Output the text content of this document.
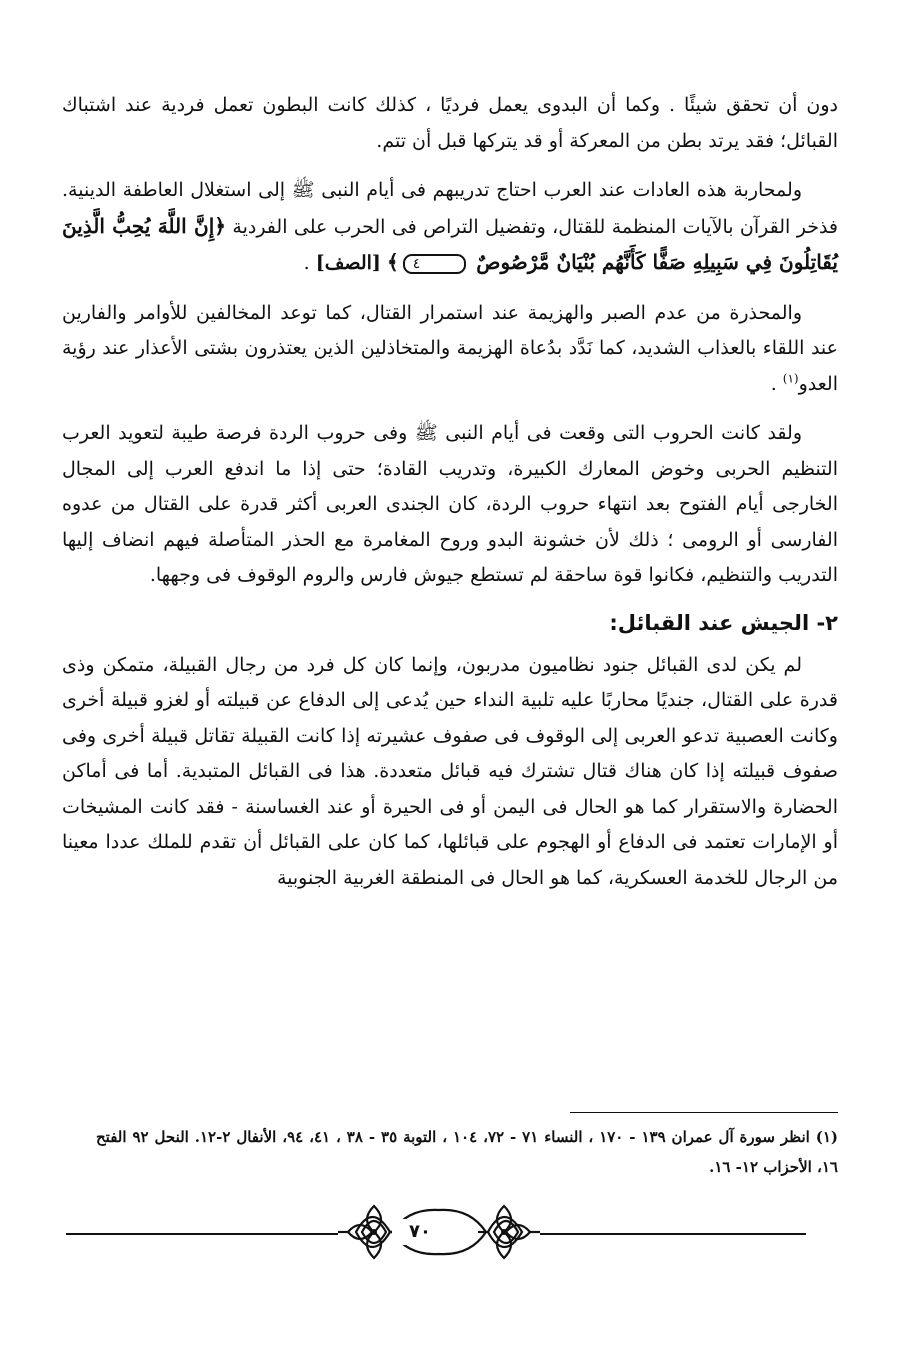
دون أن تحقق شيئًا . وكما أن البدوى يعمل فرديًا ، كذلك كانت البطون تعمل فردية عند اشتباك القبائل؛ فقد يرتد بطن من المعركة أو قد يتركها قبل أن تتم.

ولمحاربة هذه العادات عند العرب احتاج تدريبهم فى أيام النبى ﷺ إلى استغلال العاطفة الدينية. فذخر القرآن بالآيات المنظمة للقتال، وتفضيل التراص فى الحرب على الفردية ﴿إِنَّ اللَّهَ يُحِبُّ الَّذِينَ يُقَاتِلُونَ فِي سَبِيلِهِ صَفًّا كَأَنَّهُم بُنْيَانٌ مَّرْصُوصٌ ٤﴾ [الصف] .

والمحذرة من عدم الصبر والهزيمة عند استمرار القتال، كما توعد المخالفين للأوامر والفارين عند اللقاء بالعذاب الشديد، كما نَدَّد بدُعاة الهزيمة والمتخاذلين الذين يعتذرون بشتى الأعذار عند رؤية العدو$^{(١)}$ .

ولقد كانت الحروب التى وقعت فى أيام النبى ﷺ وفى حروب الردة فرصة طيبة لتعويد العرب التنظيم الحربى وخوض المعارك الكبيرة، وتدريب القادة؛ حتى إذا ما اندفع العرب إلى المجال الخارجى أيام الفتوح بعد انتهاء حروب الردة، كان الجندى العربى أكثر قدرة على القتال من عدوه الفارسى أو الرومى ؛ ذلك لأن خشونة البدو وروح المغامرة مع الحذر المتأصلة فيهم انضاف إليها التدريب والتنظيم، فكانوا قوة ساحقة لم تستطع جيوش فارس والروم الوقوف فى وجهها.

٢- الجيش عند القبائل:

لم يكن لدى القبائل جنود نظاميون مدربون، وإنما كان كل فرد من رجال القبيلة، متمكن وذى قدرة على القتال، جنديًا محاربًا عليه تلبية النداء حين يُدعى إلى الدفاع عن قبيلته أو لغزو قبيلة أخرى وكانت العصبية تدعو العربى إلى الوقوف فى صفوف عشيرته إذا كانت القبيلة تقاتل قبيلة أخرى وفى صفوف قبيلته إذا كان هناك قتال تشترك فيه قبائل متعددة. هذا فى القبائل المتبدية. أما فى أماكن الحضارة والاستقرار كما هو الحال فى اليمن أو فى الحيرة أو عند الغساسنة - فقد كانت المشيخات أو الإمارات تعتمد فى الدفاع أو الهجوم على قبائلها، كما كان على القبائل أن تقدم للملك عددا معينا من الرجال للخدمة العسكرية، كما هو الحال فى المنطقة الغربية الجنوبية

(١) انظر سورة آل عمران ١٣٩ - ١٧٠ ، النساء ٧١ - ٧٢، ١٠٤ ، التوبة ٣٥ - ٣٨ ، ٤١، ٩٤، الأنفال ٢-١٢. النحل ٩٢ الفتح ١٦، الأحزاب ١٢- ١٦.
٧٠
